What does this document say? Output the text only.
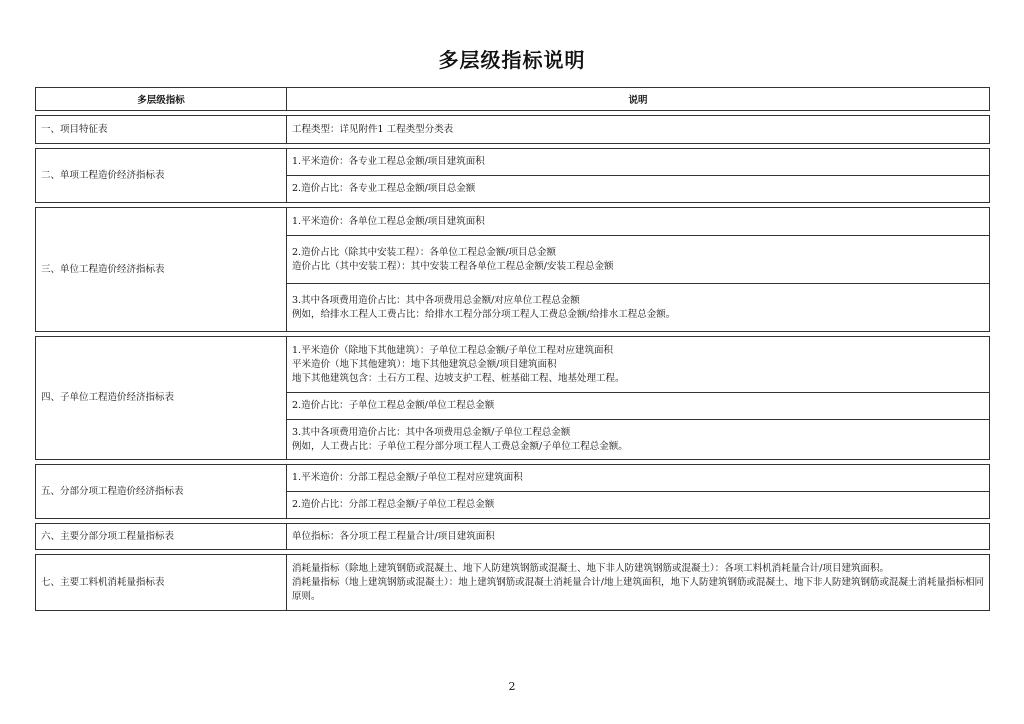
多层级指标说明
多层级指标	说明

一、项目特征表	工程类型：详见附件1 工程类型分类表

二、单项工程造价经济指标表	1.平米造价：各专业工程总金额/项目建筑面积
	2.造价占比：各专业工程总金额/项目总金额

三、单位工程造价经济指标表	1.平米造价：各单位工程总金额/项目建筑面积
	2.造价占比（除其中安装工程）：各单位工程总金额/项目总金额
造价占比（其中安装工程）：其中安装工程各单位工程总金额/安装工程总金额
	3.其中各项费用造价占比：其中各项费用总金额/对应单位工程总金额
例如，给排水工程人工费占比：给排水工程分部分项工程人工费总金额/给排水工程总金额。

四、子单位工程造价经济指标表	1.平米造价（除地下其他建筑）：子单位工程总金额/子单位工程对应建筑面积
平米造价（地下其他建筑）：地下其他建筑总金额/项目建筑面积
地下其他建筑包含：土石方工程、边坡支护工程、桩基础工程、地基处理工程。
	2.造价占比：子单位工程总金额/单位工程总金额
	3.其中各项费用造价占比：其中各项费用总金额/子单位工程总金额
例如，人工费占比：子单位工程分部分项工程人工费总金额/子单位工程总金额。

五、分部分项工程造价经济指标表	1.平米造价：分部工程总金额/子单位工程对应建筑面积
	2.造价占比：分部工程总金额/子单位工程总金额

六、主要分部分项工程量指标表	单位指标：各分项工程工程量合计/项目建筑面积

七、主要工料机消耗量指标表	消耗量指标（除地上建筑钢筋或混凝土、地下人防建筑钢筋或混凝土、地下非人防建筑钢筋或混凝土）：各项工料机消耗量合计/项目建筑面积。
消耗量指标（地上建筑钢筋或混凝土）：地上建筑钢筋或混凝土消耗量合计/地上建筑面积，地下人防建筑钢筋或混凝土、地下非人防建筑钢筋或混凝土消耗量指标相同原则。
2
